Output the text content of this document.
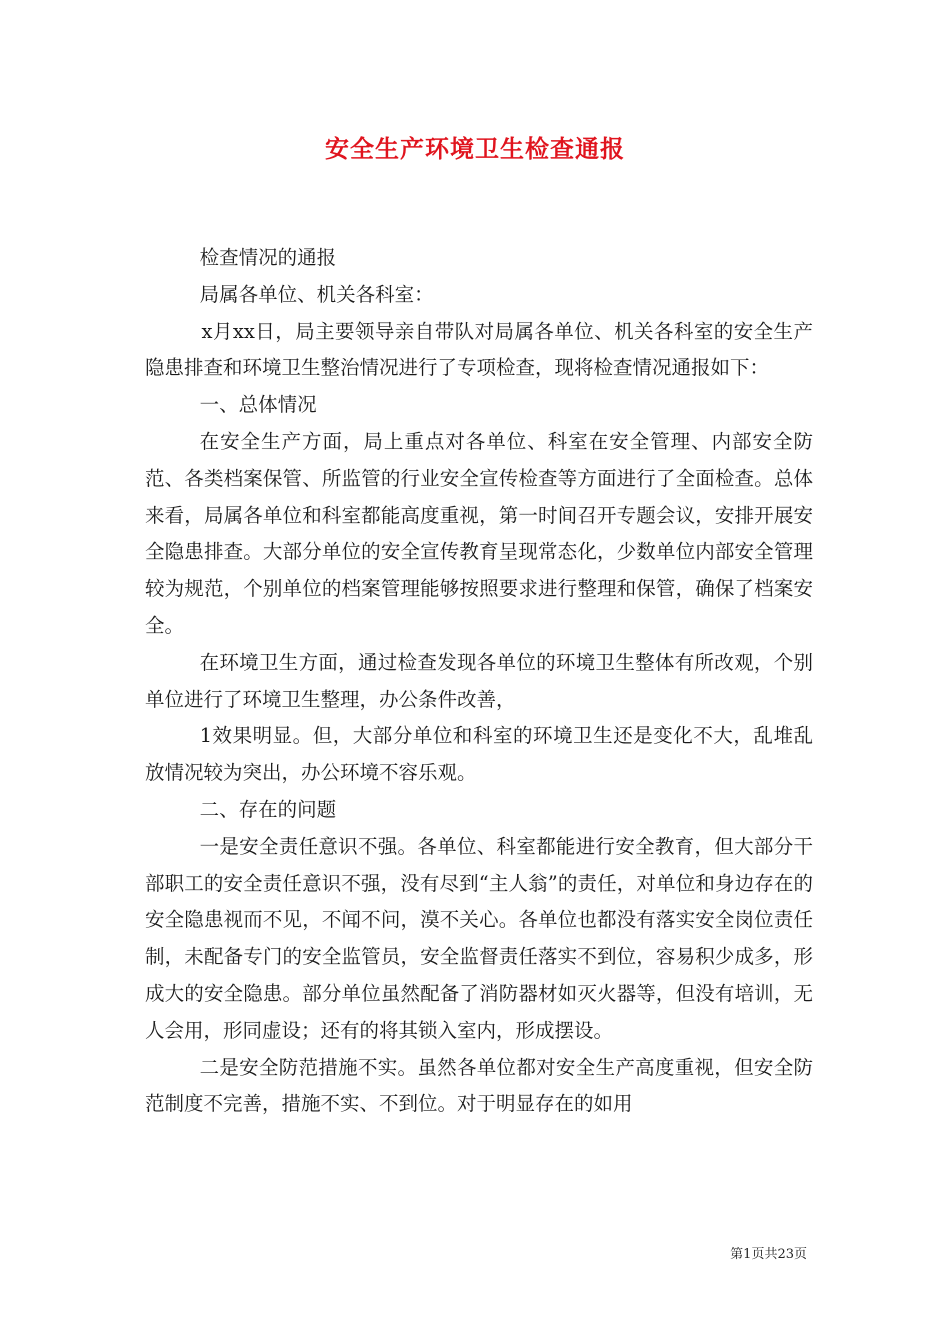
安全生产环境卫生检查通报

检查情况的通报

局属各单位、机关各科室：

x月xx日，局主要领导亲自带队对局属各单位、机关各科室的安全生产隐患排查和环境卫生整治情况进行了专项检查，现将检查情况通报如下：

一、总体情况

在安全生产方面，局上重点对各单位、科室在安全管理、内部安全防范、各类档案保管、所监管的行业安全宣传检查等方面进行了全面检查。总体来看，局属各单位和科室都能高度重视，第一时间召开专题会议，安排开展安全隐患排查。大部分单位的安全宣传教育呈现常态化，少数单位内部安全管理较为规范，个别单位的档案管理能够按照要求进行整理和保管，确保了档案安全。

在环境卫生方面，通过检查发现各单位的环境卫生整体有所改观，个别单位进行了环境卫生整理，办公条件改善，

1效果明显。但，大部分单位和科室的环境卫生还是变化不大，乱堆乱放情况较为突出，办公环境不容乐观。

二、存在的问题

一是安全责任意识不强。各单位、科室都能进行安全教育，但大部分干部职工的安全责任意识不强，没有尽到“主人翁”的责任，对单位和身边存在的安全隐患视而不见，不闻不问，漠不关心。各单位也都没有落实安全岗位责任制，未配备专门的安全监管员，安全监督责任落实不到位，容易积少成多，形成大的安全隐患。部分单位虽然配备了消防器材如灭火器等，但没有培训，无人会用，形同虚设；还有的将其锁入室内，形成摆设。

二是安全防范措施不实。虽然各单位都对安全生产高度重视，但安全防范制度不完善，措施不实、不到位。对于明显存在的如用

第1页共23页
